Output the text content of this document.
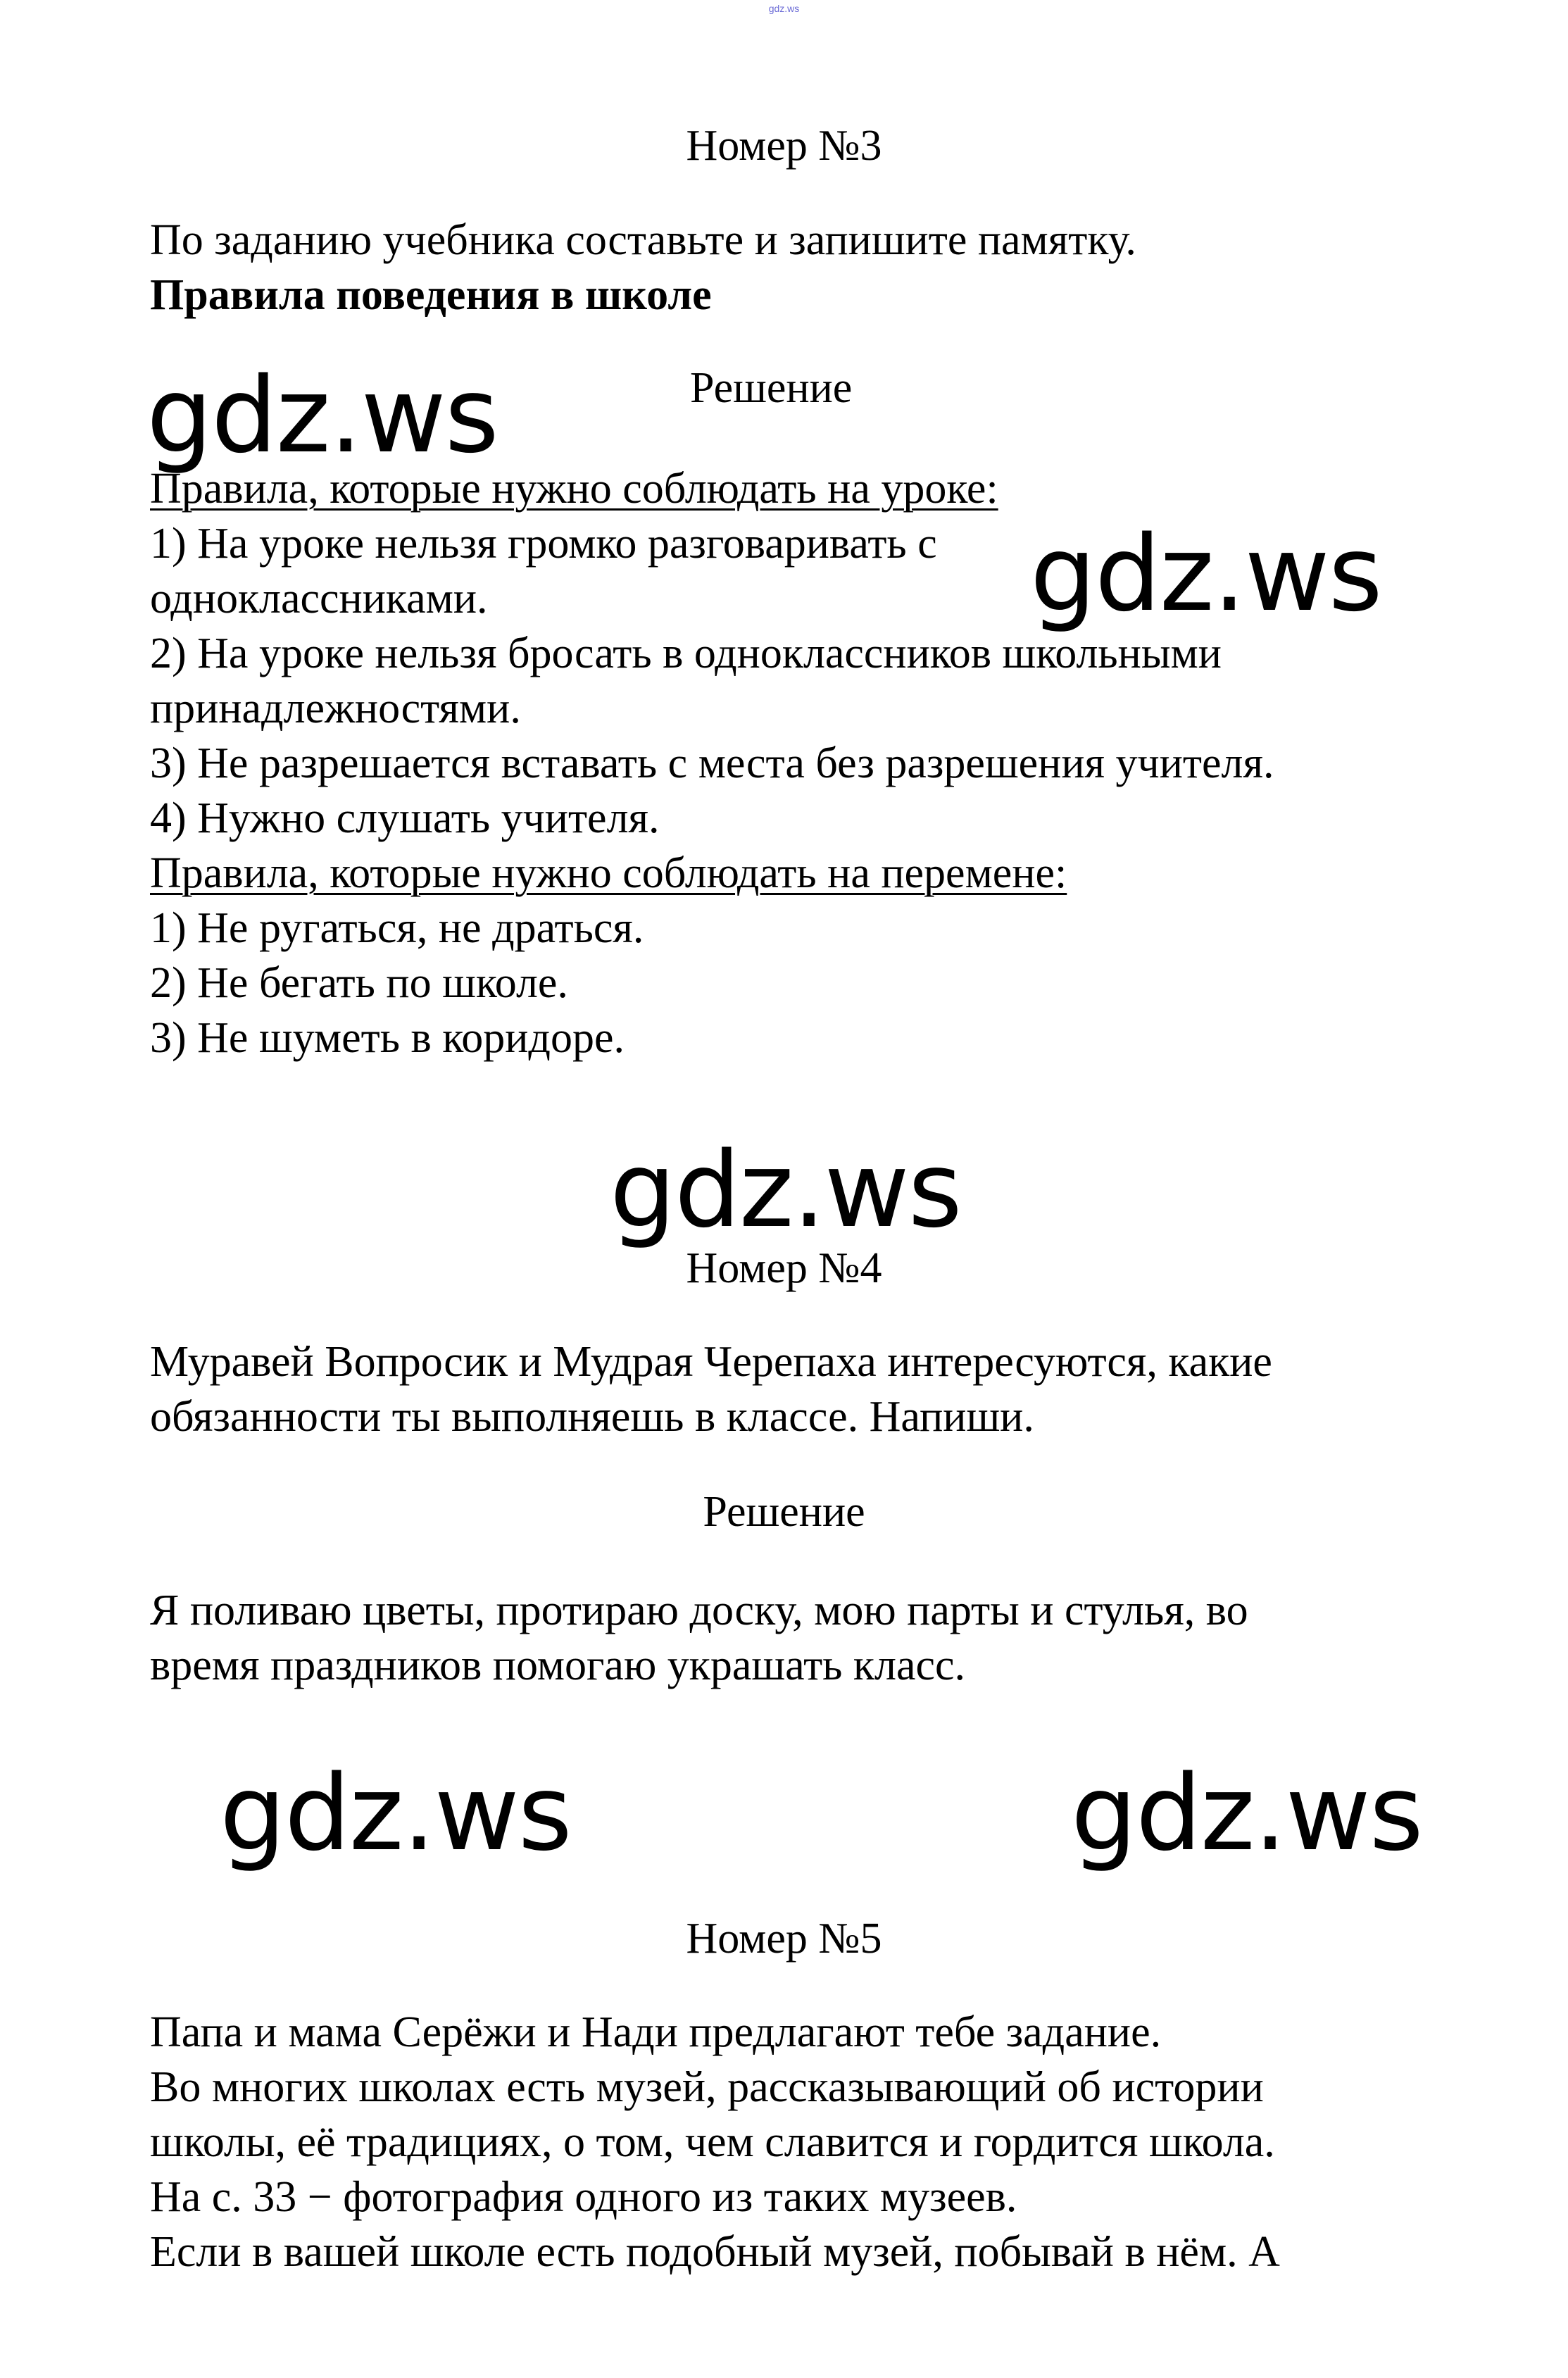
gdz.ws
Номер №3
По заданию учебника составьте и запишите памятку.
Правила поведения в школе
gdz.ws	Решение
Правила, которые нужно соблюдать на уроке:
1) На уроке нельзя громко разговаривать с gdz.ws
одноклассниками.
2) На уроке нельзя бросать в одноклассников школьными
принадлежностями.
3) Не разрешается вставать с места без разрешения учителя.
4) Нужно слушать учителя.
Правила, которые нужно соблюдать на перемене:
1) Не ругаться, не драться.
2) Не бегать по школе.
3) Не шуметь в коридоре.
gdz.ws
Номер №4
Муравей Вопросик и Мудрая Черепаха интересуются, какие
обязанности ты выполняешь в классе. Напиши.
Решение
Я поливаю цветы, протираю доску, мою парты и стулья, во
время праздников помогаю украшать класс.
gdz.ws	gdz.ws
Номер №5
Папа и мама Серёжи и Нади предлагают тебе задание.
Во многих школах есть музей, рассказывающий об истории
школы, её традициях, о том, чем славится и гордится школа.
На с. 33 − фотография одного из таких музеев.
Если в вашей школе есть подобный музей, побывай в нём. А
